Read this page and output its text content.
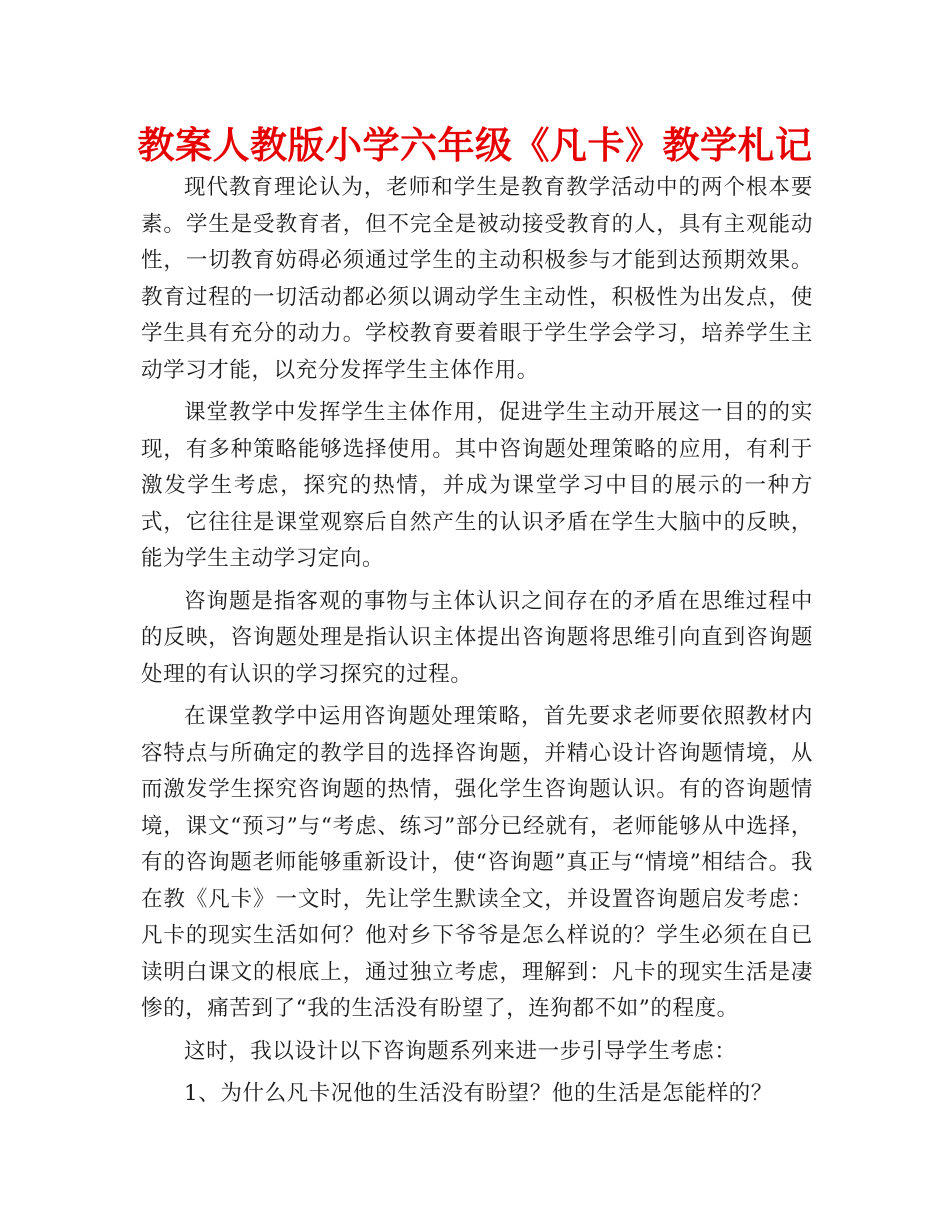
教案人教版小学六年级《凡卡》教学札记

现代教育理论认为，老师和学生是教育教学活动中的两个根本要素。学生是受教育者，但不完全是被动接受教育的人，具有主观能动性，一切教育妨碍必须通过学生的主动积极参与才能到达预期效果。教育过程的一切活动都必须以调动学生主动性，积极性为出发点，使学生具有充分的动力。学校教育要着眼于学生学会学习，培养学生主动学习才能，以充分发挥学生主体作用。

课堂教学中发挥学生主体作用，促进学生主动开展这一目的的实现，有多种策略能够选择使用。其中咨询题处理策略的应用，有利于激发学生考虑，探究的热情，并成为课堂学习中目的展示的一种方式，它往往是课堂观察后自然产生的认识矛盾在学生大脑中的反映，能为学生主动学习定向。

咨询题是指客观的事物与主体认识之间存在的矛盾在思维过程中的反映，咨询题处理是指认识主体提出咨询题将思维引向直到咨询题处理的有认识的学习探究的过程。

在课堂教学中运用咨询题处理策略，首先要求老师要依照教材内容特点与所确定的教学目的选择咨询题，并精心设计咨询题情境，从而激发学生探究咨询题的热情，强化学生咨询题认识。有的咨询题情境，课文“预习”与“考虑、练习”部分已经就有，老师能够从中选择，有的咨询题老师能够重新设计，使“咨询题”真正与“情境”相结合。我在教《凡卡》一文时，先让学生默读全文，并设置咨询题启发考虑：凡卡的现实生活如何？他对乡下爷爷是怎么样说的？学生必须在自已读明白课文的根底上，通过独立考虑，理解到：凡卡的现实生活是凄惨的，痛苦到了“我的生活没有盼望了，连狗都不如”的程度。

这时，我以设计以下咨询题系列来进一步引导学生考虑：

1、为什么凡卡况他的生活没有盼望？他的生活是怎能样的？
